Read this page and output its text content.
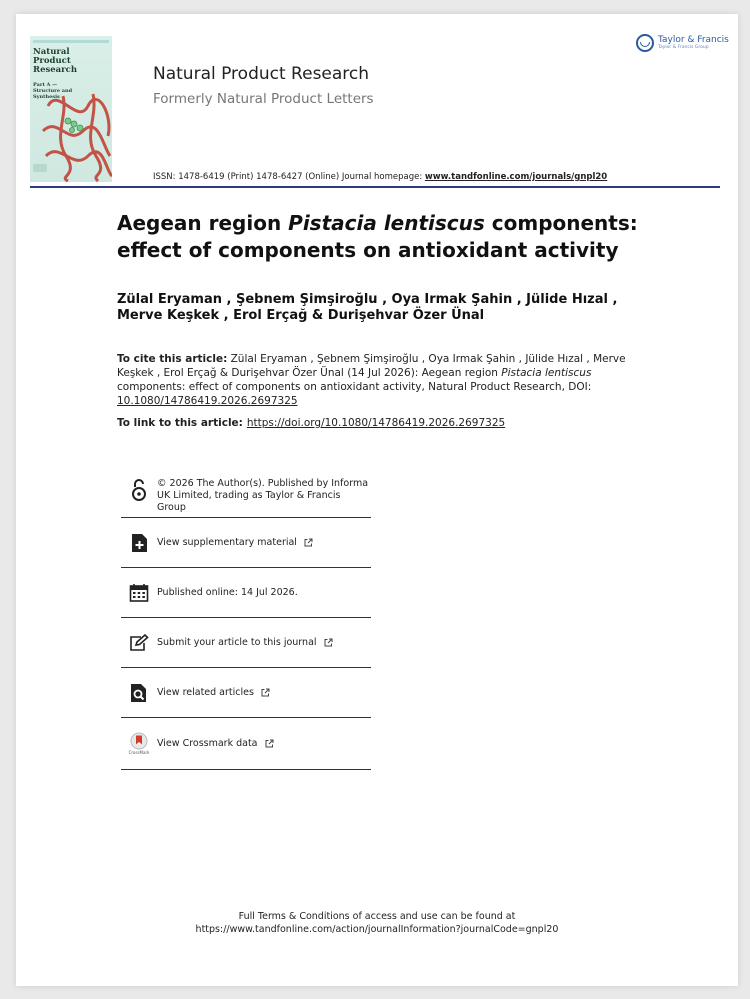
Natural Product Research
Part A — Structure and Synthesis
Natural Product Research
Formerly Natural Product Letters
ISSN: 1478-6419 (Print) 1478-6427 (Online) Journal homepage: www.tandfonline.com/journals/gnpl20
Taylor & Francis
Taylor & Francis Group
Aegean region Pistacia lentiscus components: effect of components on antioxidant activity
Zülal Eryaman , Şebnem Şimşiroğlu , Oya Irmak Şahin , Jülide Hızal , Merve Keşkek , Erol Erçağ & Durişehvar Özer Ünal
To cite this article: Zülal Eryaman , Şebnem Şimşiroğlu , Oya Irmak Şahin , Jülide Hızal , Merve Keşkek , Erol Erçağ & Durişehvar Özer Ünal (14 Jul 2026): Aegean region Pistacia lentiscus components: effect of components on antioxidant activity, Natural Product Research, DOI: 10.1080/14786419.2026.2697325
To link to this article: https://doi.org/10.1080/14786419.2026.2697325
© 2026 The Author(s). Published by Informa UK Limited, trading as Taylor & Francis Group
View supplementary material
Published online: 14 Jul 2026.
Submit your article to this journal
View related articles
CrossMark
View Crossmark data
Full Terms & Conditions of access and use can be found at
https://www.tandfonline.com/action/journalInformation?journalCode=gnpl20
